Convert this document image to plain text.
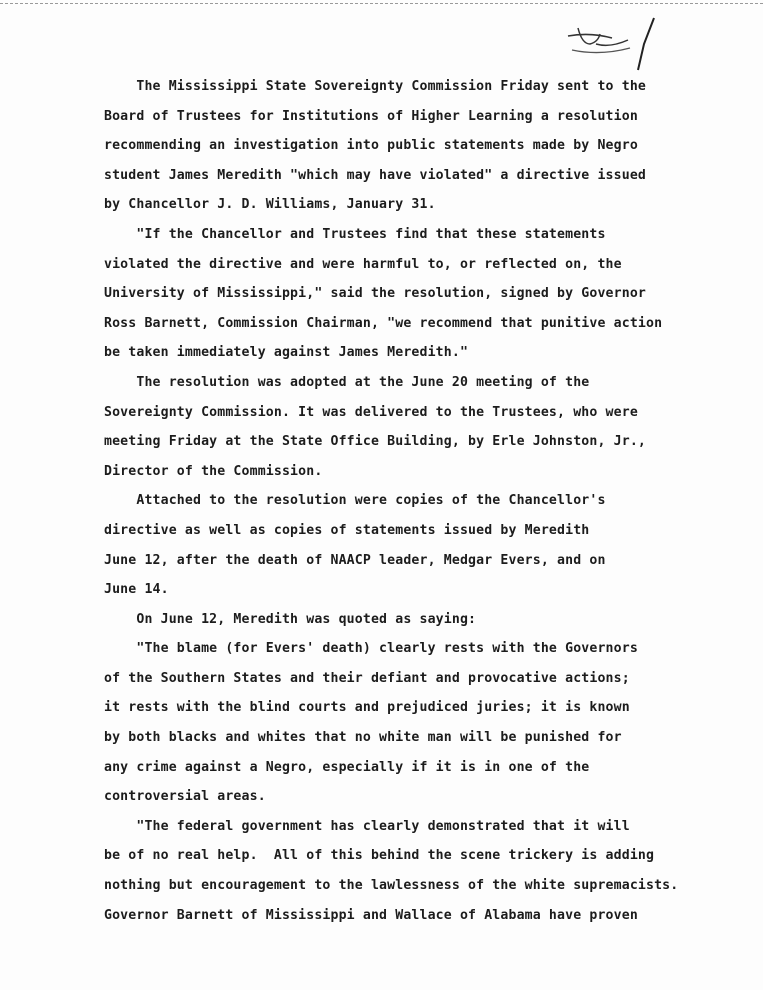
The Mississippi State Sovereignty Commission Friday sent to the
Board of Trustees for Institutions of Higher Learning a resolution
recommending an investigation into public statements made by Negro
student James Meredith "which may have violated" a directive issued
by Chancellor J. D. Williams, January 31.
"If the Chancellor and Trustees find that these statements
violated the directive and were harmful to, or reflected on, the
University of Mississippi," said the resolution, signed by Governor
Ross Barnett, Commission Chairman, "we recommend that punitive action
be taken immediately against James Meredith."
The resolution was adopted at the June 20 meeting of the
Sovereignty Commission. It was delivered to the Trustees, who were
meeting Friday at the State Office Building, by Erle Johnston, Jr.,
Director of the Commission.
Attached to the resolution were copies of the Chancellor's
directive as well as copies of statements issued by Meredith
June 12, after the death of NAACP leader, Medgar Evers, and on
June 14.
On June 12, Meredith was quoted as saying:
"The blame (for Evers' death) clearly rests with the Governors
of the Southern States and their defiant and provocative actions;
it rests with the blind courts and prejudiced juries; it is known
by both blacks and whites that no white man will be punished for
any crime against a Negro, especially if it is in one of the
controversial areas.
"The federal government has clearly demonstrated that it will
be of no real help.  All of this behind the scene trickery is adding
nothing but encouragement to the lawlessness of the white supremacists.
Governor Barnett of Mississippi and Wallace of Alabama have proven
